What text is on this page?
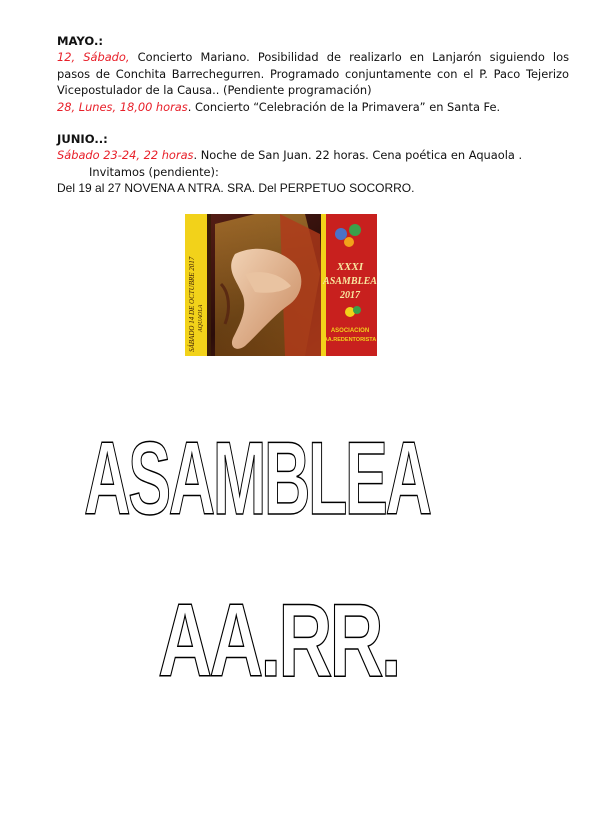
MAYO.:
12, Sábado, Concierto Mariano. Posibilidad de realizarlo en Lanjarón siguiendo los
pasos de Conchita Barrechegurren. Programado conjuntamente con el P. Paco Tejerizo
Vicepostulador de la Causa.. (Pendiente programación)
28, Lunes, 18,00 horas. Concierto “Celebración de la Primavera” en Santa Fe.
JUNIO..:
Sábado 23-24, 22 horas. Noche de San Juan. 22 horas. Cena poética en Aquaola .
Invitamos (pendiente):
Del 19 al 27 NOVENA A NTRA. SRA. Del PERPETUO SOCORRO.
XXXI
ASAMBLEA
2017
ASOCIACION
AA.REDENTORISTA
SÁBADO 14 DE OCTUBRE 2017 AQUAOLA
ASAMBLEA
AA.RR.
